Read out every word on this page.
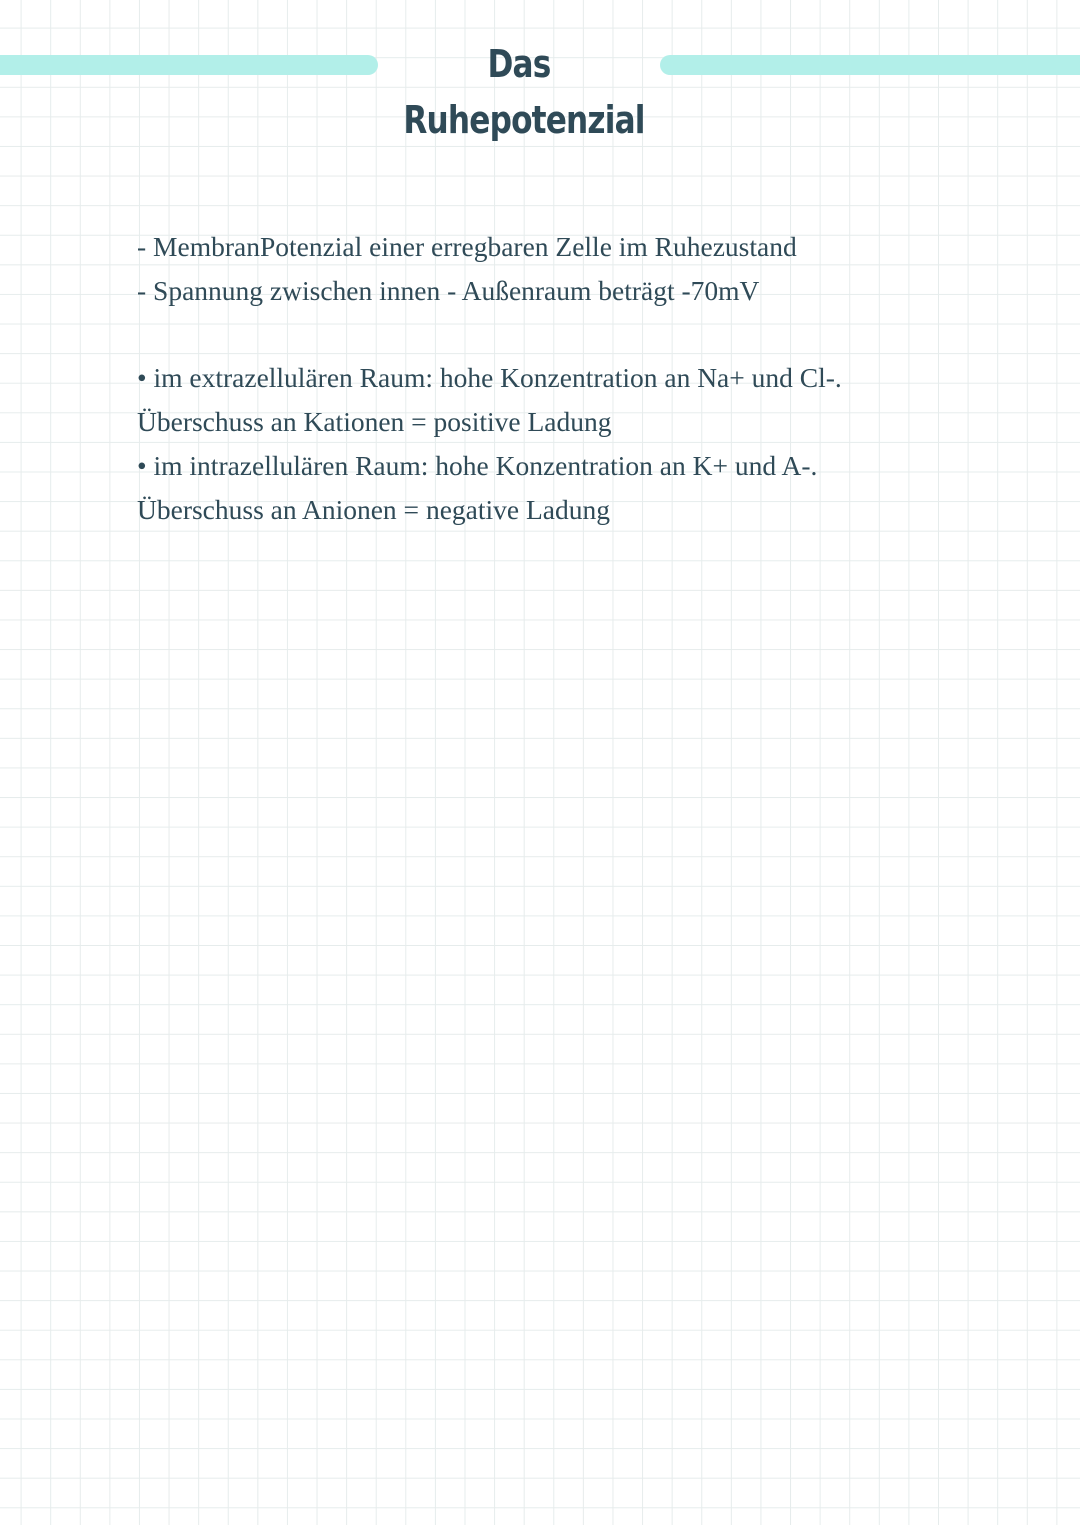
Das Ruhepotenzial
- MembranPotenzial einer erregbaren Zelle im Ruhezustand
- Spannung zwischen innen - Außenraum beträgt -70mV
• im extrazellulären Raum: hohe Konzentration an Na+ und Cl-.
Überschuss an Kationen = positive Ladung
• im intrazellulären Raum: hohe Konzentration an K+ und A-.
Überschuss an Anionen = negative Ladung
